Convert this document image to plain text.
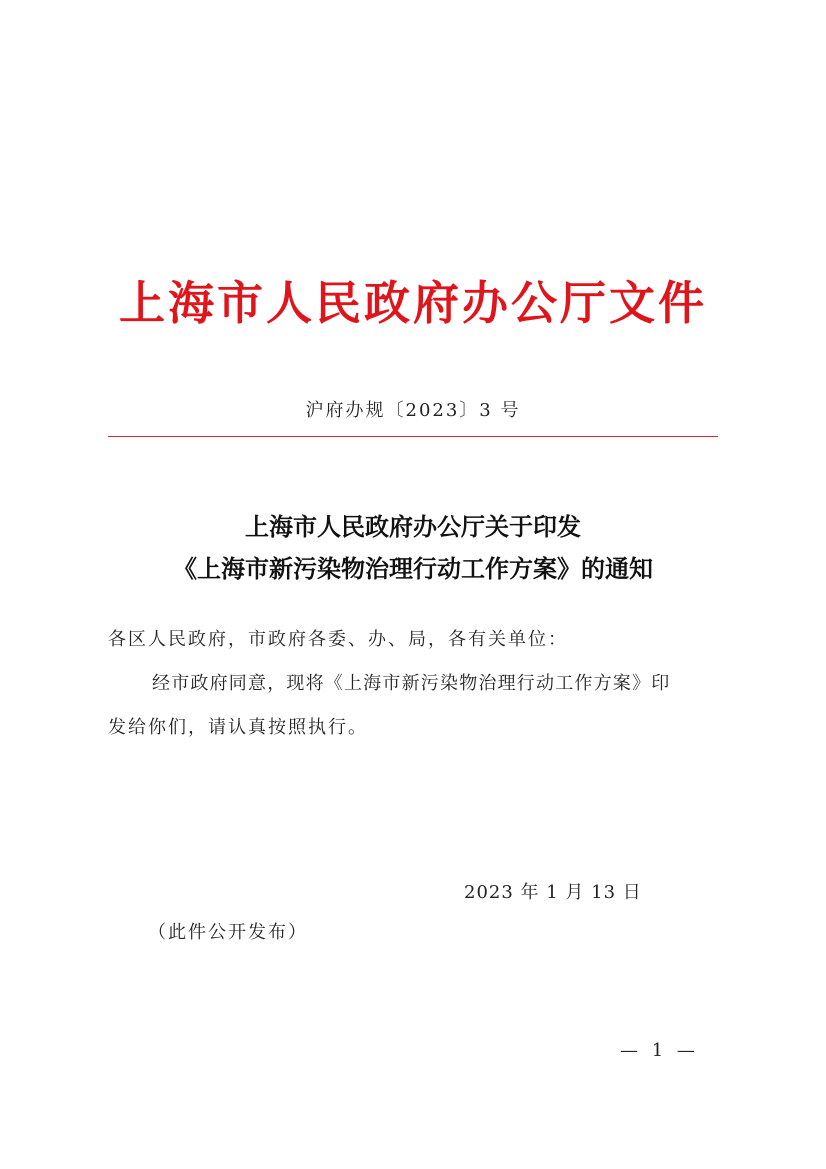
上海市人民政府办公厅文件
沪府办规〔2023〕3 号
上海市人民政府办公厅关于印发
《上海市新污染物治理行动工作方案》的通知
各区人民政府，市政府各委、办、局，各有关单位：
经市政府同意，现将《上海市新污染物治理行动工作方案》印
发给你们，请认真按照执行。
2023 年 1 月 13 日
（此件公开发布）
— 1 —
